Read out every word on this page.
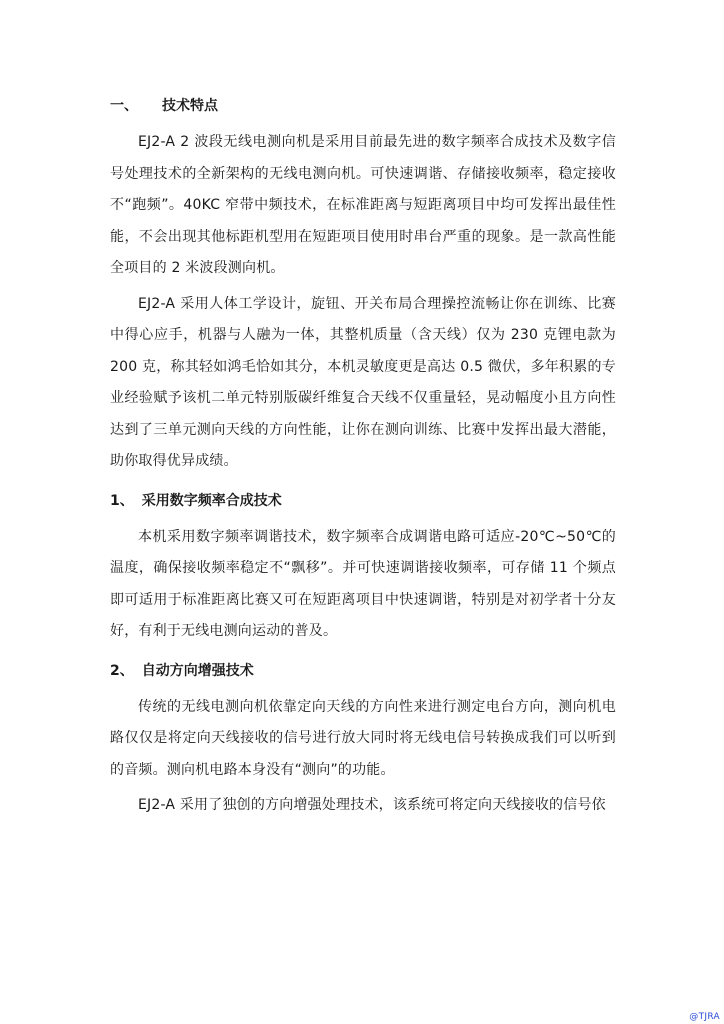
一、 技术特点

EJ2-A 2 波段无线电测向机是采用目前最先进的数字频率合成技术及数字信号处理技术的全新架构的无线电测向机。可快速调谐、存储接收频率，稳定接收不“跑频”。40KC 窄带中频技术，在标准距离与短距离项目中均可发挥出最佳性能，不会出现其他标距机型用在短距项目使用时串台严重的现象。是一款高性能全项目的 2 米波段测向机。

EJ2-A 采用人体工学设计，旋钮、开关布局合理操控流畅让你在训练、比赛中得心应手，机器与人融为一体，其整机质量（含天线）仅为 230 克锂电款为 200 克，称其轻如鸿毛恰如其分，本机灵敏度更是高达 0.5 微伏，多年积累的专业经验赋予该机二单元特别版碳纤维复合天线不仅重量轻，晃动幅度小且方向性达到了三单元测向天线的方向性能，让你在测向训练、比赛中发挥出最大潜能，助你取得优异成绩。

1、 采用数字频率合成技术

本机采用数字频率调谐技术，数字频率合成调谐电路可适应-20℃~50℃的温度，确保接收频率稳定不“飘移”。并可快速调谐接收频率，可存储 11 个频点即可适用于标准距离比赛又可在短距离项目中快速调谐，特别是对初学者十分友好，有利于无线电测向运动的普及。

2、 自动方向增强技术

传统的无线电测向机依靠定向天线的方向性来进行测定电台方向，测向机电路仅仅是将定向天线接收的信号进行放大同时将无线电信号转换成我们可以听到的音频。测向机电路本身没有“测向”的功能。

EJ2-A 采用了独创的方向增强处理技术，该系统可将定向天线接收的信号依

@TJRA
